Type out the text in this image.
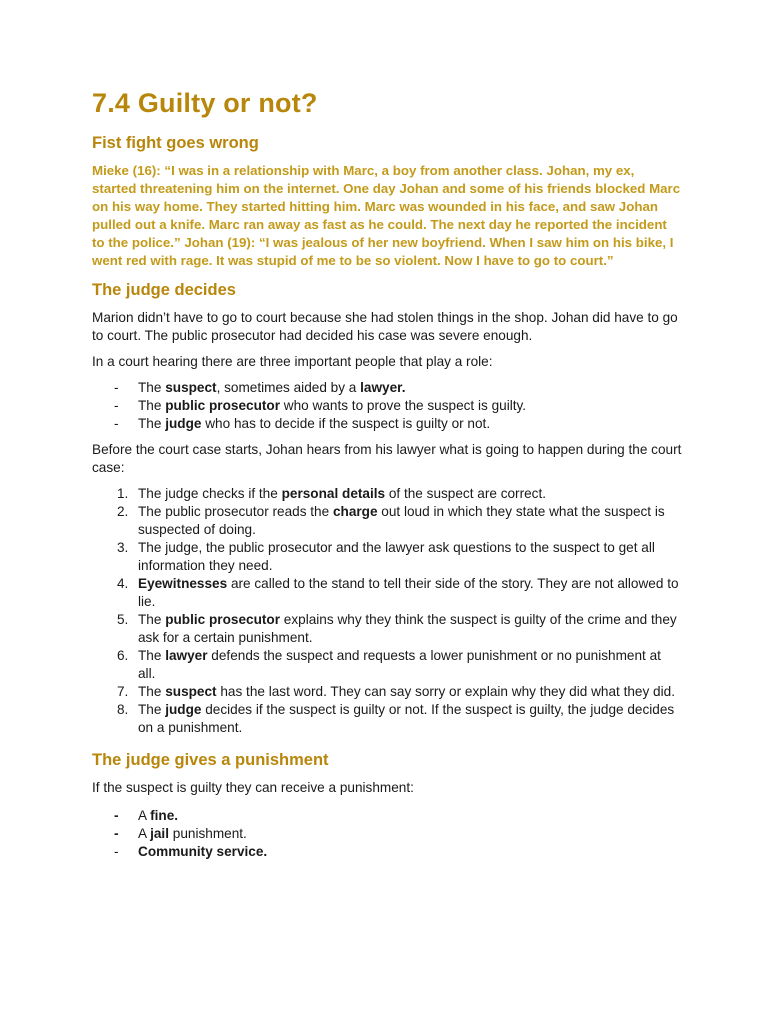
7.4 Guilty or not?
Fist fight goes wrong

Mieke (16): “I was in a relationship with Marc, a boy from another class. Johan, my ex, started threatening him on the internet. One day Johan and some of his friends blocked Marc on his way home. They started hitting him. Marc was wounded in his face, and saw Johan pulled out a knife. Marc ran away as fast as he could. The next day he reported the incident to the police.” Johan (19): “I was jealous of her new boyfriend. When I saw him on his bike, I went red with rage. It was stupid of me to be so violent. Now I have to go to court.”

The judge decides

Marion didn’t have to go to court because she had stolen things in the shop. Johan did have to go to court. The public prosecutor had decided his case was severe enough.

In a court hearing there are three important people that play a role:

- The suspect, sometimes aided by a lawyer.
- The public prosecutor who wants to prove the suspect is guilty.
- The judge who has to decide if the suspect is guilty or not.

Before the court case starts, Johan hears from his lawyer what is going to happen during the court case:

1. The judge checks if the personal details of the suspect are correct.
2. The public prosecutor reads the charge out loud in which they state what the suspect is suspected of doing.
3. The judge, the public prosecutor and the lawyer ask questions to the suspect to get all information they need.
4. Eyewitnesses are called to the stand to tell their side of the story. They are not allowed to lie.
5. The public prosecutor explains why they think the suspect is guilty of the crime and they ask for a certain punishment.
6. The lawyer defends the suspect and requests a lower punishment or no punishment at all.
7. The suspect has the last word. They can say sorry or explain why they did what they did.
8. The judge decides if the suspect is guilty or not. If the suspect is guilty, the judge decides on a punishment.
The judge gives a punishment

If the suspect is guilty they can receive a punishment:

- A fine.
- A jail punishment.
- Community service.
